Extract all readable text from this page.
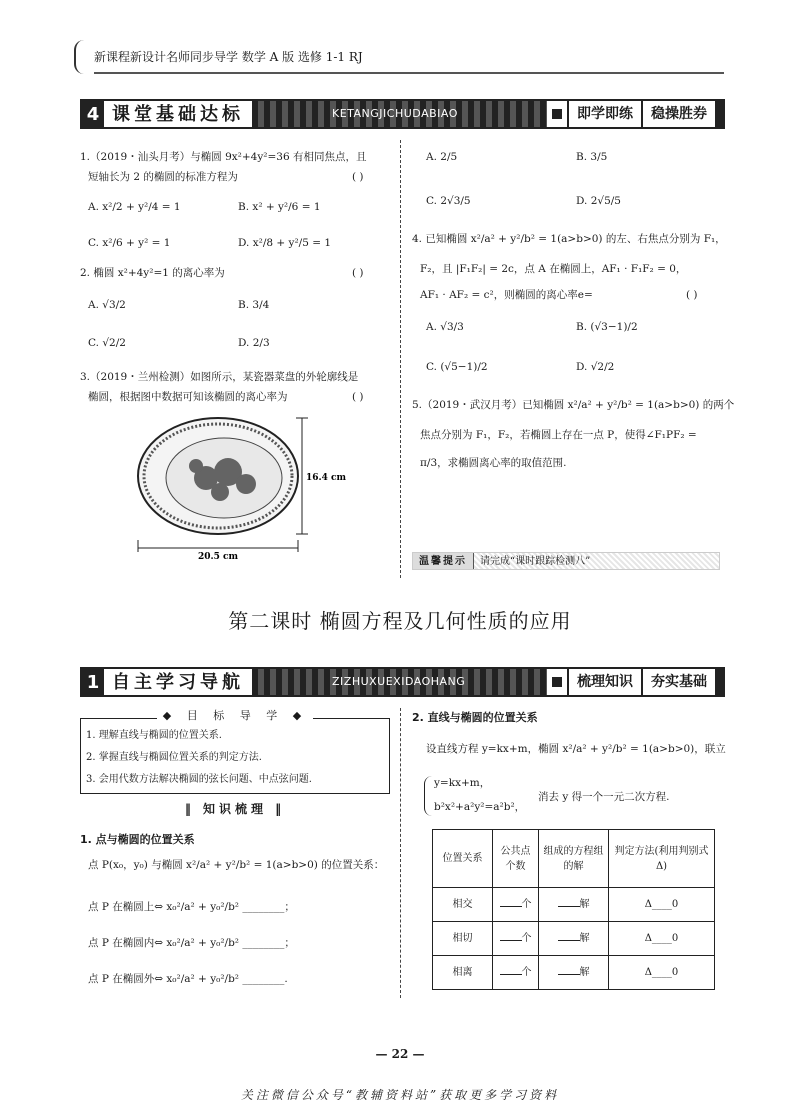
新课程新设计名师同步导学 数学 A 版 选修 1-1 RJ
4 课堂基础达标	KETANGJICHUDABIAO	即学即练	稳操胜券
1.（2019・汕头月考）与椭圆 9x²+4y²=36 有相同焦点，且
短轴长为 2 的椭圆的标准方程为	( )
A. x²/2 + y²/4 = 1	B. x² + y²/6 = 1
C. x²/6 + y² = 1	D. x²/8 + y²/5 = 1
2. 椭圆 x²+4y²=1 的离心率为	( )
A. √3/2	B. 3/4
C. √2/2	D. 2/3
3.（2019・兰州检测）如图所示，某瓷器菜盘的外轮廓线是
椭圆，根据图中数据可知该椭圆的离心率为	( )
16.4 cm
20.5 cm
A. 2/5	B. 3/5
C. 2√3/5	D. 2√5/5
4. 已知椭圆 x²/a² + y²/b² = 1(a>b>0) 的左、右焦点分别为 F₁，
F₂，且 |F₁F₂| = 2c，点 A 在椭圆上，AF₁ · F₁F₂ = 0，
AF₁ · AF₂ = c²，则椭圆的离心率e=	( )
A. √3/3	B. (√3−1)/2
C. (√5−1)/2	D. √2/2
5.（2019・武汉月考）已知椭圆 x²/a² + y²/b² = 1(a>b>0) 的两个
焦点分别为 F₁，F₂，若椭圆上存在一点 P，使得∠F₁PF₂ =
π/3，求椭圆离心率的取值范围.
温馨提示	请完成“课时跟踪检测八”
第二课时 椭圆方程及几何性质的应用
1 自主学习导航	ZIZHUXUEXIDAOHANG	梳理知识	夯实基础
◆ 目 标 导 学 ◆
1. 理解直线与椭圆的位置关系.
2. 掌握直线与椭圆位置关系的判定方法.
3. 会用代数方法解决椭圆的弦长问题、中点弦问题.
‖ 知识梳理 ‖
1. 点与椭圆的位置关系
点 P(x₀，y₀) 与椭圆 x²/a² + y²/b² = 1(a>b>0) 的位置关系：
点 P 在椭圆上⇔ x₀²/a² + y₀²/b² ________；
点 P 在椭圆内⇔ x₀²/a² + y₀²/b² ________；
点 P 在椭圆外⇔ x₀²/a² + y₀²/b² ________.
2. 直线与椭圆的位置关系
设直线方程 y=kx+m，椭圆 x²/a² + y²/b² = 1(a>b>0)，联立
y=kx+m，
b²x²+a²y²=a²b²，
消去 y 得一个一元二次方程.
位置关系	公共点个数	组成的方程组的解	判定方法(利用判别式 Δ)
相交	个	解	Δ____0
相切	个	解	Δ____0
相离	个	解	Δ____0
— 22 —
关注微信公众号“教辅资料站”获取更多学习资料
